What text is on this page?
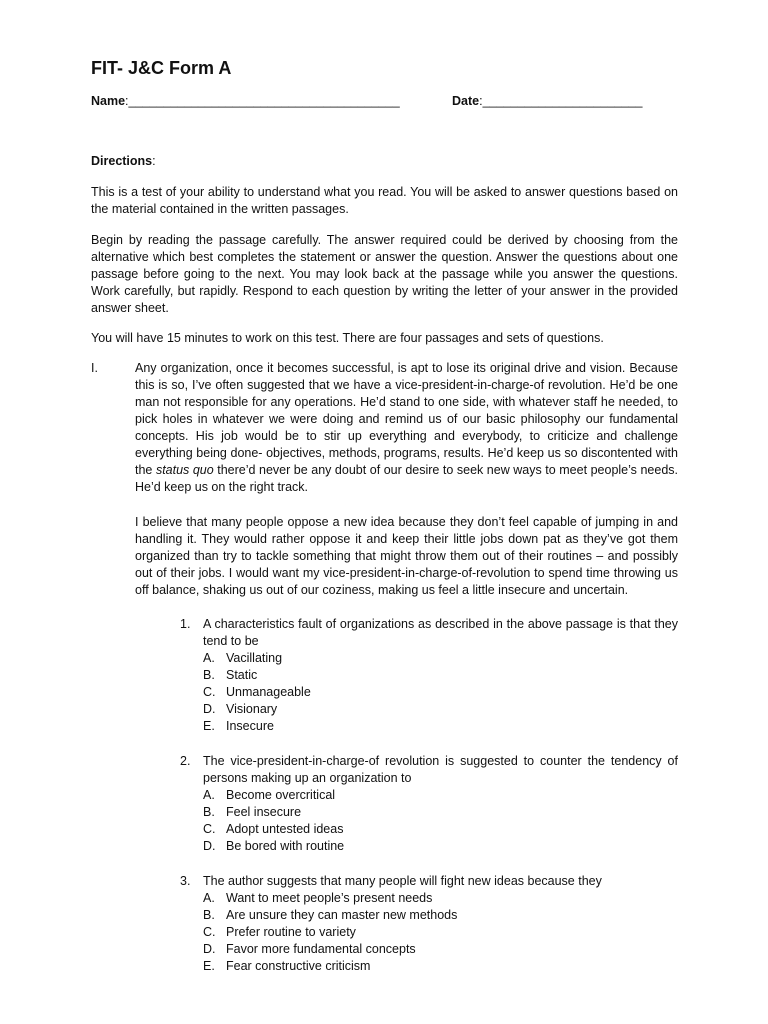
FIT- J&C Form A
Name:_______________________________________	Date:_______________________

Directions:

This is a test of your ability to understand what you read. You will be asked to answer questions based on the material contained in the written passages.

Begin by reading the passage carefully. The answer required could be derived by choosing from the alternative which best completes the statement or answer the question. Answer the questions about one passage before going to the next. You may look back at the passage while you answer the questions. Work carefully, but rapidly. Respond to each question by writing the letter of your answer in the provided answer sheet.

You will have 15 minutes to work on this test. There are four passages and sets of questions.

I.	Any organization, once it becomes successful, is apt to lose its original drive and vision. Because this is so, I’ve often suggested that we have a vice-president-in-charge-of revolution. He’d be one man not responsible for any operations. He’d stand to one side, with whatever staff he needed, to pick holes in whatever we were doing and remind us of our basic philosophy our fundamental concepts. His job would be to stir up everything and everybody, to criticize and challenge everything being done- objectives, methods, programs, results. He’d keep us so discontented with the status quo there’d never be any doubt of our desire to seek new ways to meet people’s needs. He’d keep us on the right track.

I believe that many people oppose a new idea because they don’t feel capable of jumping in and handling it. They would rather oppose it and keep their little jobs down pat as they’ve got them organized than try to tackle something that might throw them out of their routines – and possibly out of their jobs. I would want my vice-president-in-charge-of-revolution to spend time throwing us off balance, shaking us out of our coziness, making us feel a little insecure and uncertain.

1.	A characteristics fault of organizations as described in the above passage is that they tend to be
A. Vacillating
B. Static
C. Unmanageable
D. Visionary
E. Insecure
2.	The vice-president-in-charge-of revolution is suggested to counter the tendency of persons making up an organization to
A. Become overcritical
B. Feel insecure
C. Adopt untested ideas
D. Be bored with routine
3.	The author suggests that many people will fight new ideas because they
A. Want to meet people’s present needs
B. Are unsure they can master new methods
C. Prefer routine to variety
D. Favor more fundamental concepts
E. Fear constructive criticism
